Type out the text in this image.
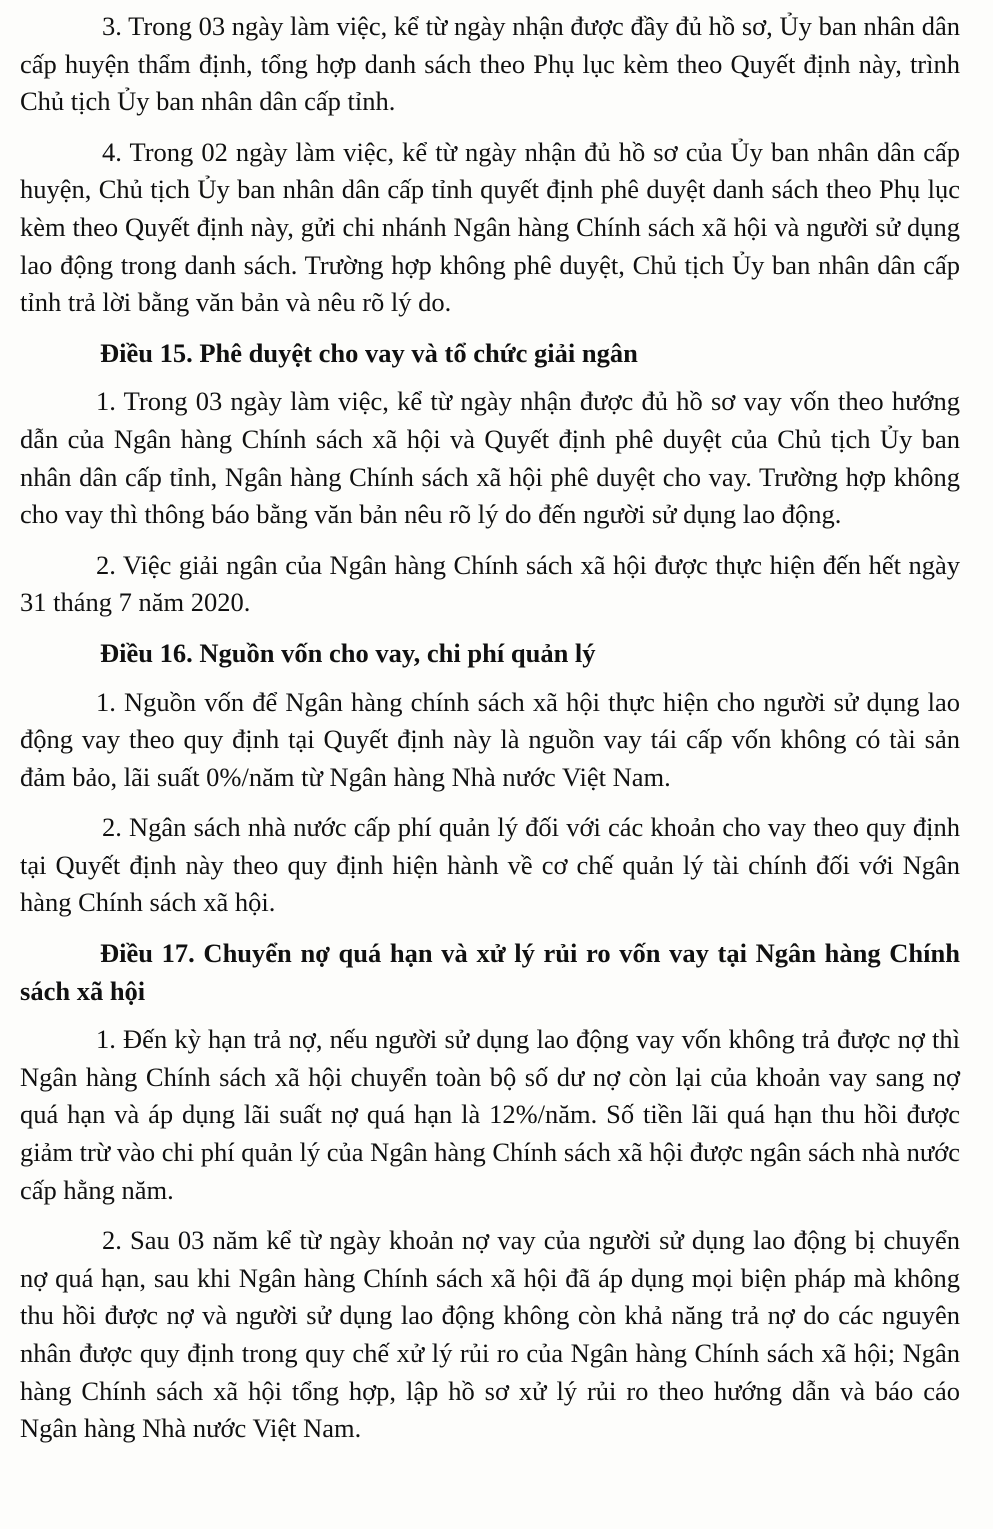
3. Trong 03 ngày làm việc, kể từ ngày nhận được đầy đủ hồ sơ, Ủy ban nhân dân cấp huyện thẩm định, tổng hợp danh sách theo Phụ lục kèm theo Quyết định này, trình Chủ tịch Ủy ban nhân dân cấp tỉnh.

4. Trong 02 ngày làm việc, kể từ ngày nhận đủ hồ sơ của Ủy ban nhân dân cấp huyện, Chủ tịch Ủy ban nhân dân cấp tỉnh quyết định phê duyệt danh sách theo Phụ lục kèm theo Quyết định này, gửi chi nhánh Ngân hàng Chính sách xã hội và người sử dụng lao động trong danh sách. Trường hợp không phê duyệt, Chủ tịch Ủy ban nhân dân cấp tỉnh trả lời bằng văn bản và nêu rõ lý do.

Điều 15. Phê duyệt cho vay và tổ chức giải ngân

1. Trong 03 ngày làm việc, kể từ ngày nhận được đủ hồ sơ vay vốn theo hướng dẫn của Ngân hàng Chính sách xã hội và Quyết định phê duyệt của Chủ tịch Ủy ban nhân dân cấp tỉnh, Ngân hàng Chính sách xã hội phê duyệt cho vay. Trường hợp không cho vay thì thông báo bằng văn bản nêu rõ lý do đến người sử dụng lao động.

2. Việc giải ngân của Ngân hàng Chính sách xã hội được thực hiện đến hết ngày 31 tháng 7 năm 2020.

Điều 16. Nguồn vốn cho vay, chi phí quản lý

1. Nguồn vốn để Ngân hàng chính sách xã hội thực hiện cho người sử dụng lao động vay theo quy định tại Quyết định này là nguồn vay tái cấp vốn không có tài sản đảm bảo, lãi suất 0%/năm từ Ngân hàng Nhà nước Việt Nam.

2. Ngân sách nhà nước cấp phí quản lý đối với các khoản cho vay theo quy định tại Quyết định này theo quy định hiện hành về cơ chế quản lý tài chính đối với Ngân hàng Chính sách xã hội.

Điều 17. Chuyển nợ quá hạn và xử lý rủi ro vốn vay tại Ngân hàng Chính sách xã hội

1. Đến kỳ hạn trả nợ, nếu người sử dụng lao động vay vốn không trả được nợ thì Ngân hàng Chính sách xã hội chuyển toàn bộ số dư nợ còn lại của khoản vay sang nợ quá hạn và áp dụng lãi suất nợ quá hạn là 12%/năm. Số tiền lãi quá hạn thu hồi được giảm trừ vào chi phí quản lý của Ngân hàng Chính sách xã hội được ngân sách nhà nước cấp hằng năm.

2. Sau 03 năm kể từ ngày khoản nợ vay của người sử dụng lao động bị chuyển nợ quá hạn, sau khi Ngân hàng Chính sách xã hội đã áp dụng mọi biện pháp mà không thu hồi được nợ và người sử dụng lao động không còn khả năng trả nợ do các nguyên nhân được quy định trong quy chế xử lý rủi ro của Ngân hàng Chính sách xã hội; Ngân hàng Chính sách xã hội tổng hợp, lập hồ sơ xử lý rủi ro theo hướng dẫn và báo cáo Ngân hàng Nhà nước Việt Nam.
